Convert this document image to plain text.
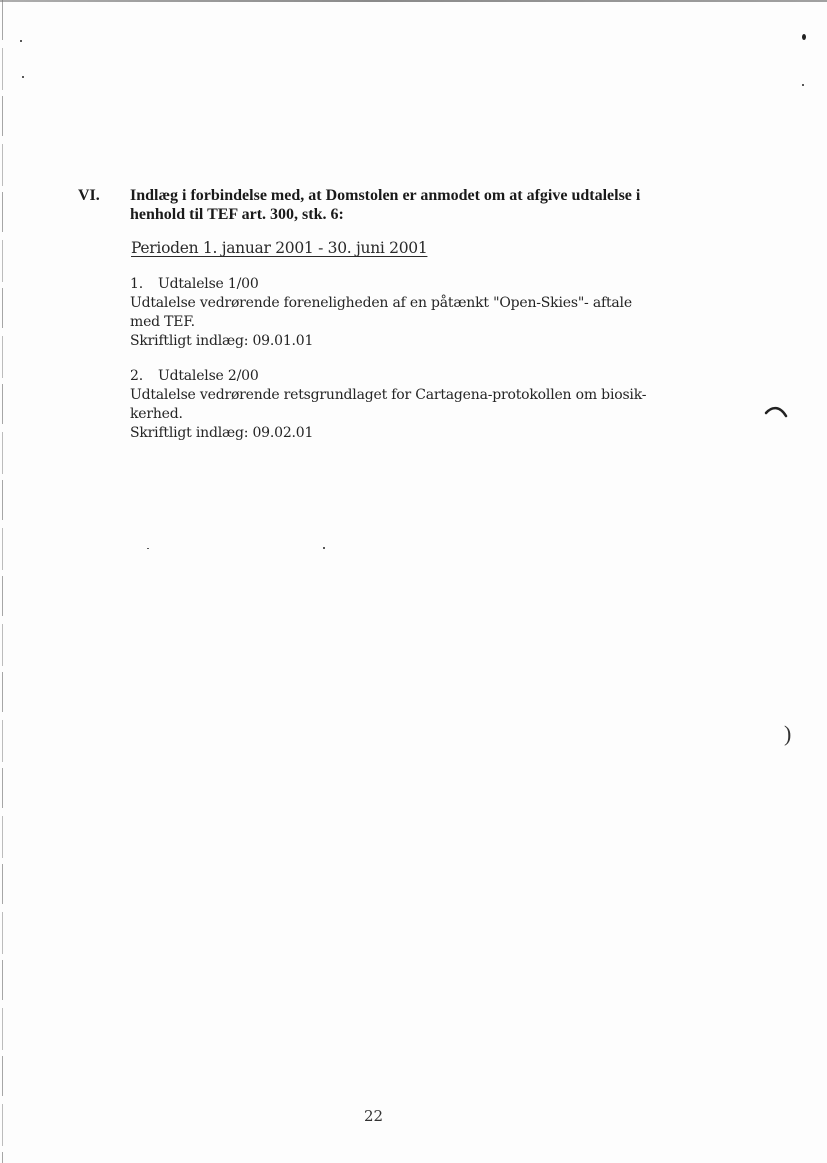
)
VI. Indlæg i forbindelse med, at Domstolen er anmodet om at afgive udtalelse i henhold til TEF art. 300, stk. 6:
Perioden 1. januar 2001 - 30. juni 2001
1. Udtalelse 1/00
Udtalelse vedrørende foreneligheden af en påtænkt "Open-Skies"- aftale
med TEF.
Skriftligt indlæg: 09.01.01
2. Udtalelse 2/00
Udtalelse vedrørende retsgrundlaget for Cartagena-protokollen om biosik-
kerhed.
Skriftligt indlæg: 09.02.01
22
